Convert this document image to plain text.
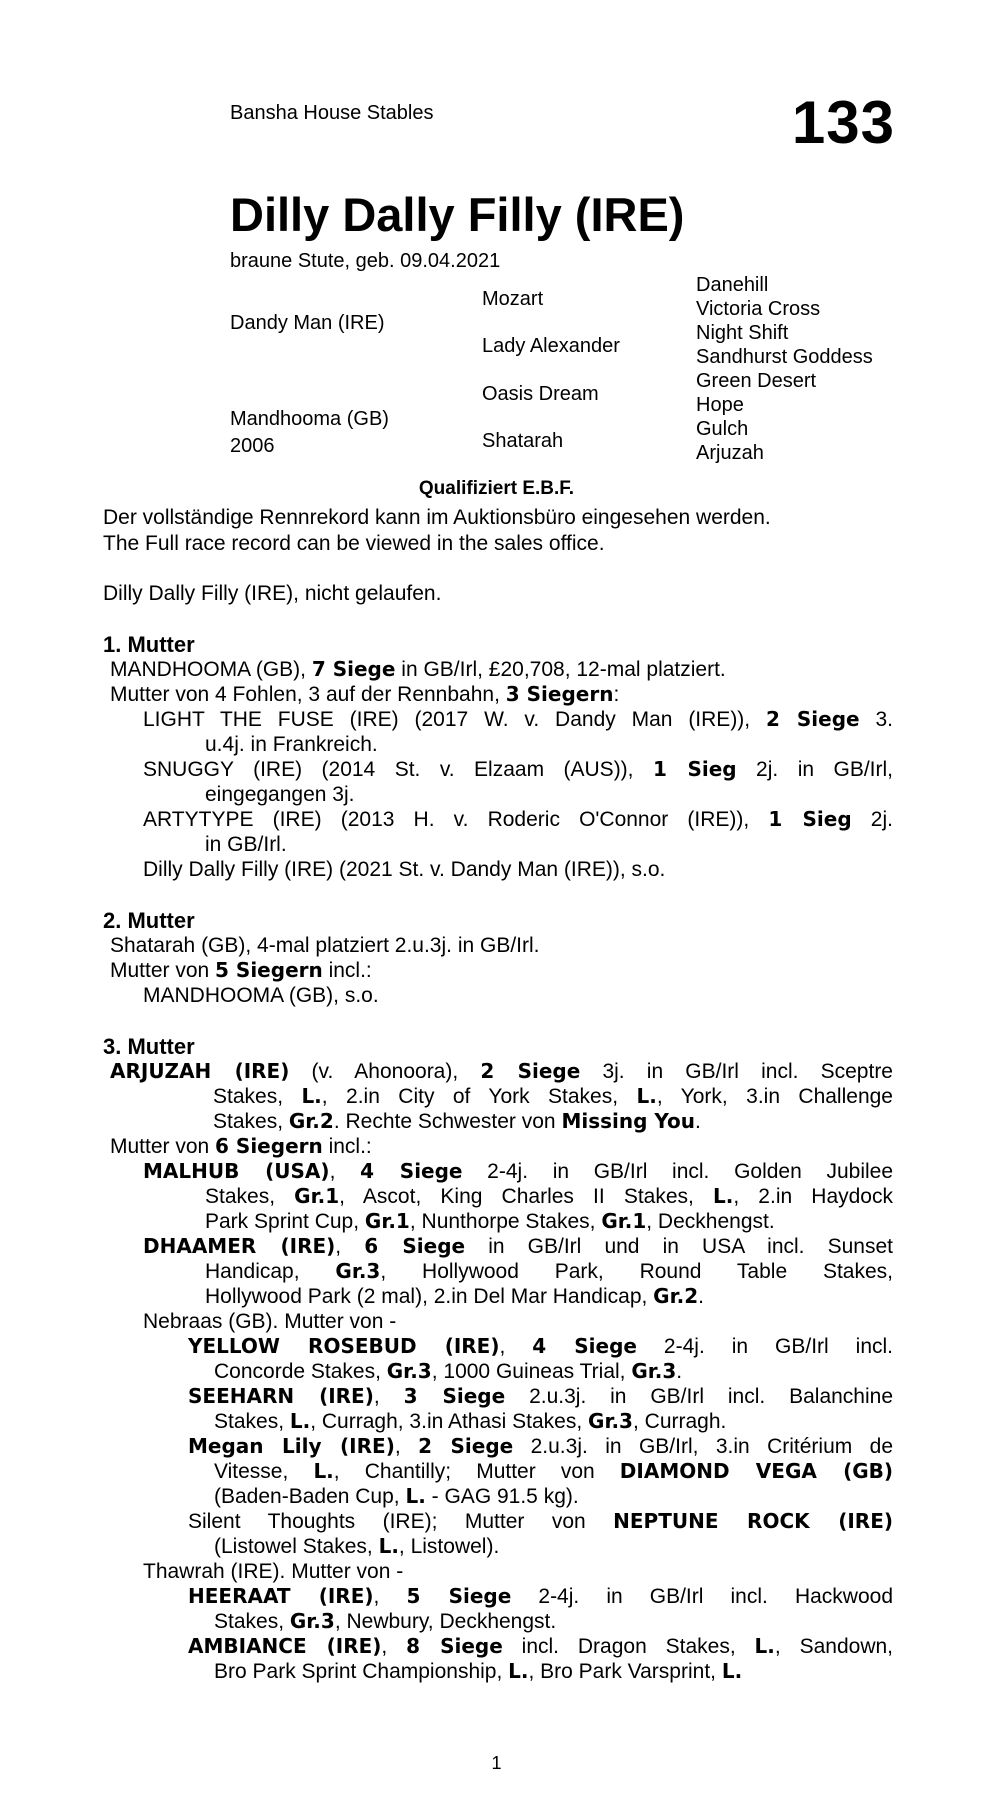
Bansha House Stables	133
Dilly Dally Filly (IRE)
braune Stute, geb. 09.04.2021
Dandy Man (IRE)
Mandhooma (GB)
2006
Mozart
Lady Alexander
Oasis Dream
Shatarah
Danehill
Victoria Cross
Night Shift
Sandhurst Goddess
Green Desert
Hope
Gulch
Arjuzah
Qualifiziert E.B.F.
Der vollständige Rennrekord kann im Auktionsbüro eingesehen werden.
The Full race record can be viewed in the sales office.
Dilly Dally Filly (IRE), nicht gelaufen.
1. Mutter
MANDHOOMA (GB), 7 Siege in GB/Irl, £20,708, 12-mal platziert.
Mutter von 4 Fohlen, 3 auf der Rennbahn, 3 Siegern:
LIGHT THE FUSE (IRE) (2017 W. v. Dandy Man (IRE)), 2 Siege 3.
u.4j. in Frankreich.
SNUGGY (IRE) (2014 St. v. Elzaam (AUS)), 1 Sieg 2j. in GB/Irl,
eingegangen 3j.
ARTYTYPE (IRE) (2013 H. v. Roderic O'Connor (IRE)), 1 Sieg 2j.
in GB/Irl.
Dilly Dally Filly (IRE) (2021 St. v. Dandy Man (IRE)), s.o.
2. Mutter
Shatarah (GB), 4-mal platziert 2.u.3j. in GB/Irl.
Mutter von 5 Siegern incl.:
MANDHOOMA (GB), s.o.
3. Mutter
ARJUZAH (IRE) (v. Ahonoora), 2 Siege 3j. in GB/Irl incl. Sceptre
Stakes, L., 2.in City of York Stakes, L., York, 3.in Challenge
Stakes, Gr.2. Rechte Schwester von Missing You.
Mutter von 6 Siegern incl.:
MALHUB (USA), 4 Siege 2-4j. in GB/Irl incl. Golden Jubilee
Stakes, Gr.1, Ascot, King Charles II Stakes, L., 2.in Haydock
Park Sprint Cup, Gr.1, Nunthorpe Stakes, Gr.1, Deckhengst.
DHAAMER (IRE), 6 Siege in GB/Irl und in USA incl. Sunset
Handicap, Gr.3, Hollywood Park, Round Table Stakes,
Hollywood Park (2 mal), 2.in Del Mar Handicap, Gr.2.
Nebraas (GB). Mutter von -
YELLOW ROSEBUD (IRE), 4 Siege 2-4j. in GB/Irl incl.
Concorde Stakes, Gr.3, 1000 Guineas Trial, Gr.3.
SEEHARN (IRE), 3 Siege 2.u.3j. in GB/Irl incl. Balanchine
Stakes, L., Curragh, 3.in Athasi Stakes, Gr.3, Curragh.
Megan Lily (IRE), 2 Siege 2.u.3j. in GB/Irl, 3.in Critérium de
Vitesse, L., Chantilly; Mutter von DIAMOND VEGA (GB)
(Baden-Baden Cup, L. - GAG 91.5 kg).
Silent Thoughts (IRE); Mutter von NEPTUNE ROCK (IRE)
(Listowel Stakes, L., Listowel).
Thawrah (IRE). Mutter von -
HEERAAT (IRE), 5 Siege 2-4j. in GB/Irl incl. Hackwood
Stakes, Gr.3, Newbury, Deckhengst.
AMBIANCE (IRE), 8 Siege incl. Dragon Stakes, L., Sandown,
Bro Park Sprint Championship, L., Bro Park Varsprint, L.
1
